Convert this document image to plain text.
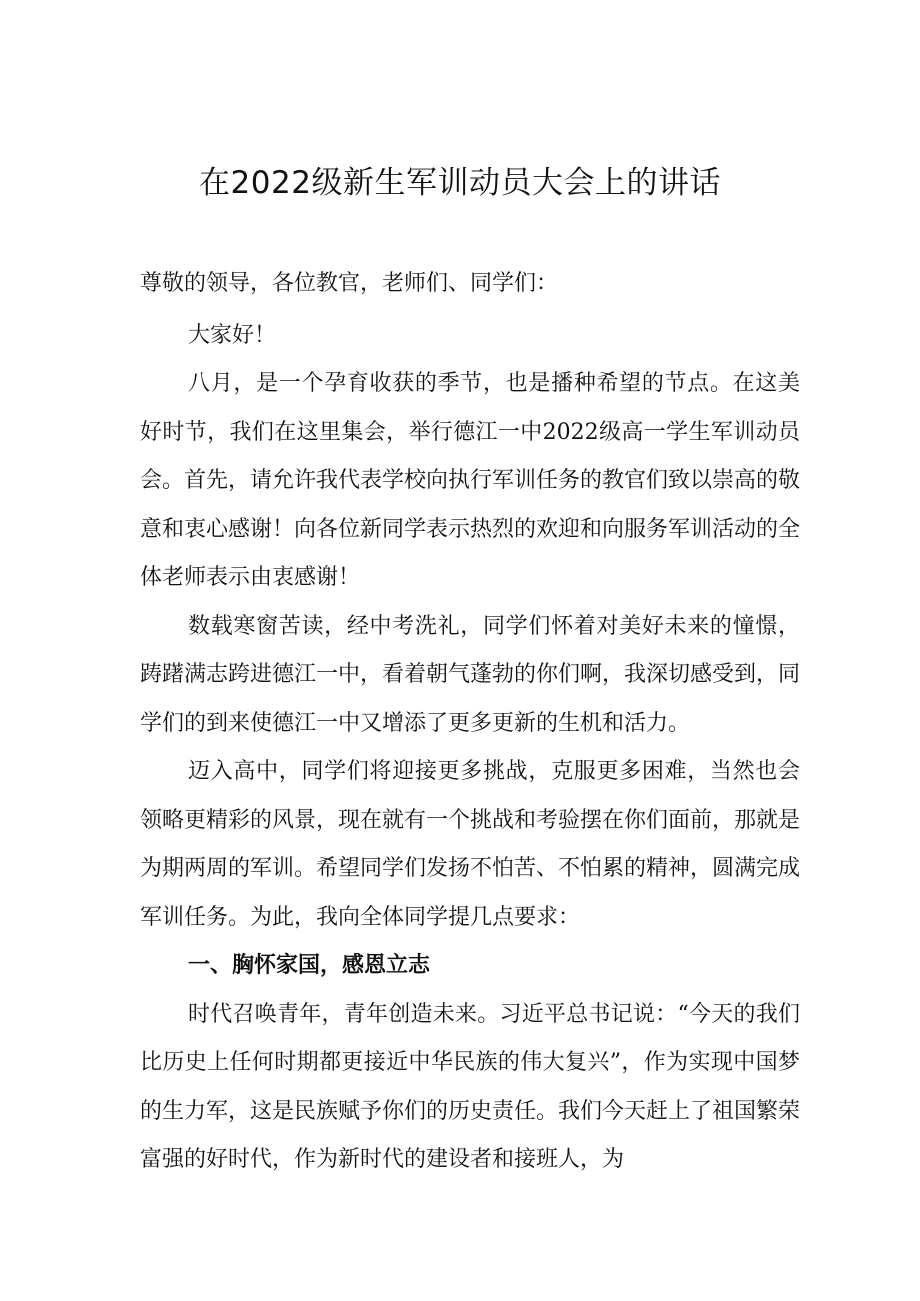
在2022级新生军训动员大会上的讲话

尊敬的领导，各位教官，老师们、同学们：

大家好！

八月，是一个孕育收获的季节，也是播种希望的节点。在这美好时节，我们在这里集会，举行德江一中2022级高一学生军训动员会。首先，请允许我代表学校向执行军训任务的教官们致以崇高的敬意和衷心感谢！向各位新同学表示热烈的欢迎和向服务军训活动的全体老师表示由衷感谢！

数载寒窗苦读，经中考洗礼，同学们怀着对美好未来的憧憬，踌躇满志跨进德江一中，看着朝气蓬勃的你们啊，我深切感受到，同学们的到来使德江一中又增添了更多更新的生机和活力。

迈入高中，同学们将迎接更多挑战，克服更多困难，当然也会领略更精彩的风景，现在就有一个挑战和考验摆在你们面前，那就是为期两周的军训。希望同学们发扬不怕苦、不怕累的精神，圆满完成军训任务。为此，我向全体同学提几点要求：

一、胸怀家国，感恩立志

时代召唤青年，青年创造未来。习近平总书记说：“今天的我们比历史上任何时期都更接近中华民族的伟大复兴”，作为实现中国梦的生力军，这是民族赋予你们的历史责任。我们今天赶上了祖国繁荣富强的好时代，作为新时代的建设者和接班人，为
